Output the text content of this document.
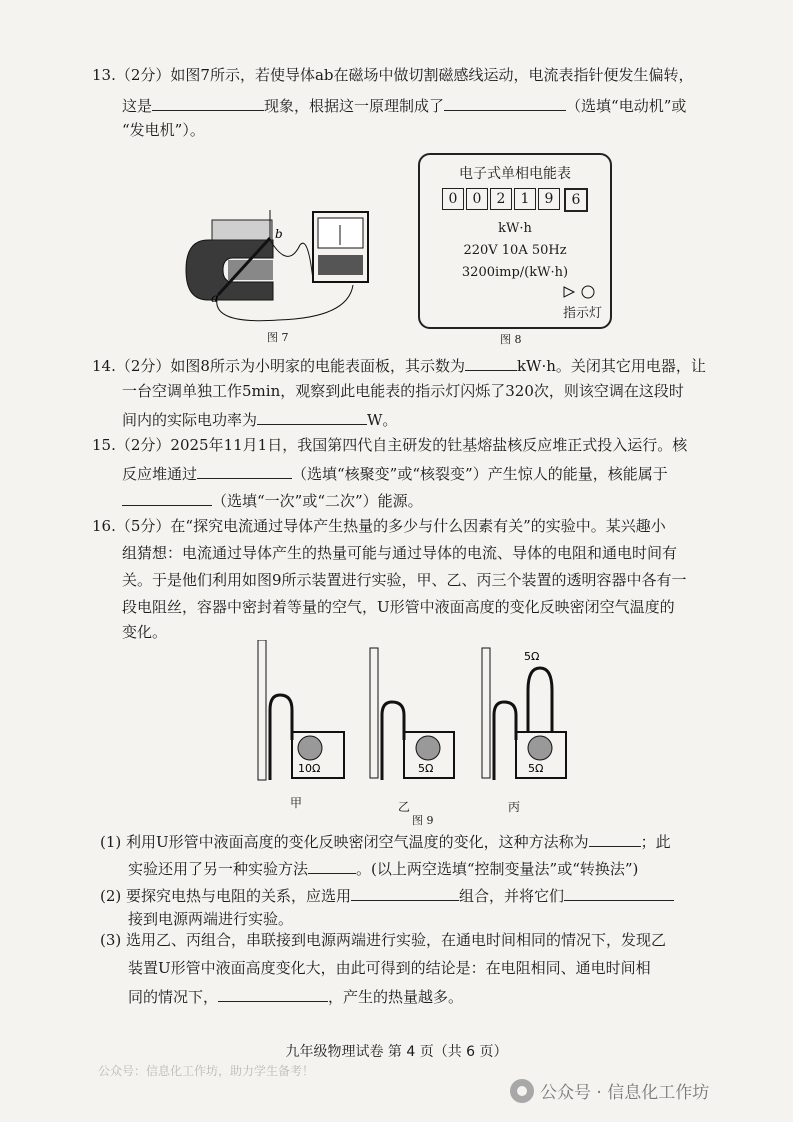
13.（2分）如图7所示，若使导体ab在磁场中做切割磁感线运动，电流表指针便发生偏转，
这是	现象，根据这一原理制成了	（选填“电动机”或
“发电机”）。
a
b
图 7
电子式单相电能表
0	0	2	1	9	6
kW·h
220V 10A 50Hz
3200imp/(kW·h)
指示灯
图 8
14.（2分）如图8所示为小明家的电能表面板，其示数为	kW·h。关闭其它用电器，让
一台空调单独工作5min，观察到此电能表的指示灯闪烁了320次，则该空调在这段时
间内的实际电功率为	W。
15.（2分）2025年11月1日，我国第四代自主研发的钍基熔盐核反应堆正式投入运行。核
反应堆通过	（选填“核聚变”或“核裂变”）产生惊人的能量，核能属于
（选填“一次”或“二次”）能源。
16.（5分）在“探究电流通过导体产生热量的多少与什么因素有关”的实验中。某兴趣小
组猜想：电流通过导体产生的热量可能与通过导体的电流、导体的电阻和通电时间有
关。于是他们利用如图9所示装置进行实验，甲、乙、丙三个装置的透明容器中各有一
段电阻丝，容器中密封着等量的空气，U形管中液面高度的变化反映密闭空气温度的
变化。
10Ω	5Ω
5Ω
5Ω
甲	乙	丙
图 9
(1) 利用U形管中液面高度的变化反映密闭空气温度的变化，这种方法称为	；此
实验还用了另一种实验方法	。(以上两空选填“控制变量法”或“转换法”)
(2) 要探究电热与电阻的关系，应选用	组合，并将它们
接到电源两端进行实验。
(3) 选用乙、丙组合，串联接到电源两端进行实验，在通电时间相同的情况下，发现乙
装置U形管中液面高度变化大，由此可得到的结论是：在电阻相同、通电时间相
同的情况下，	，产生的热量越多。
九年级物理试卷 第 4 页（共 6 页）
公众号：信息化工作坊，助力学生备考！
公众号 · 信息化工作坊
